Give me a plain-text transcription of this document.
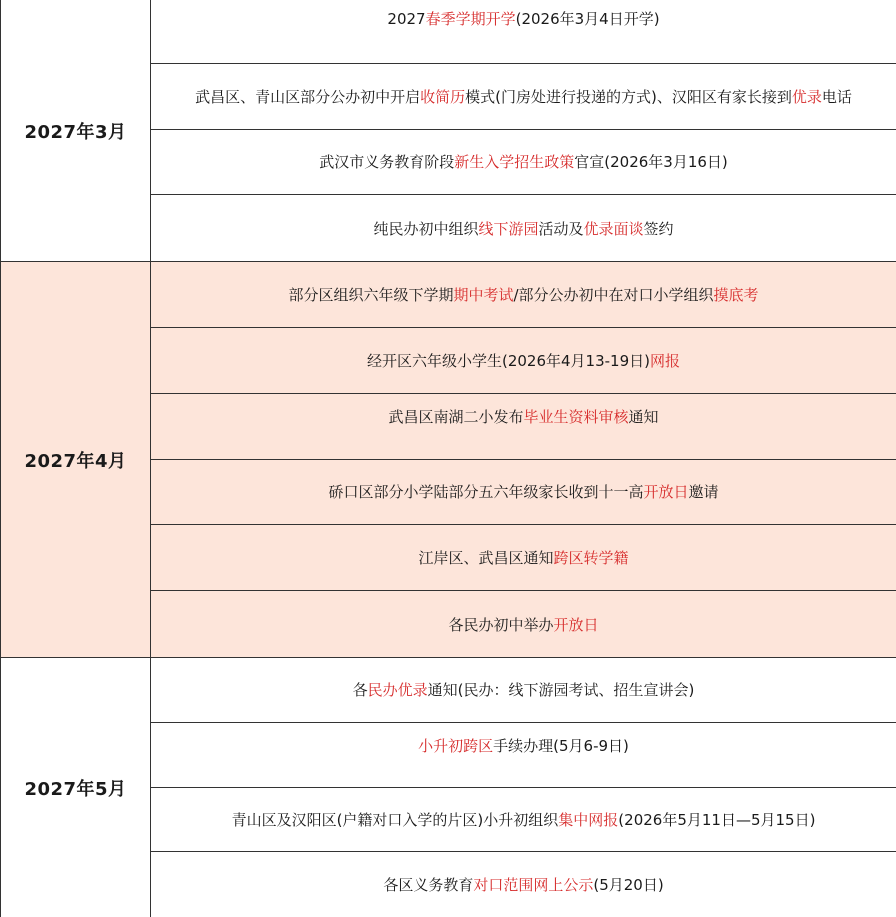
2027年3月
2027春季学期开学(2026年3月4日开学)
武昌区、青山区部分公办初中开启收简历模式(门房处进行投递的方式)、汉阳区有家长接到优录电话
武汉市义务教育阶段新生入学招生政策官宣(2026年3月16日)
纯民办初中组织线下游园活动及优录面谈签约
2027年4月
部分区组织六年级下学期期中考试/部分公办初中在对口小学组织摸底考
经开区六年级小学生(2026年4月13-19日)网报
武昌区南湖二小发布毕业生资料审核通知
硚口区部分小学陆部分五六年级家长收到十一高开放日邀请
江岸区、武昌区通知跨区转学籍
各民办初中举办开放日
2027年5月
各民办优录通知(民办：线下游园考试、招生宣讲会)
小升初跨区手续办理(5月6-9日)
青山区及汉阳区(户籍对口入学的片区)小升初组织集中网报(2026年5月11日—5月15日)
各区义务教育对口范围网上公示(5月20日)
